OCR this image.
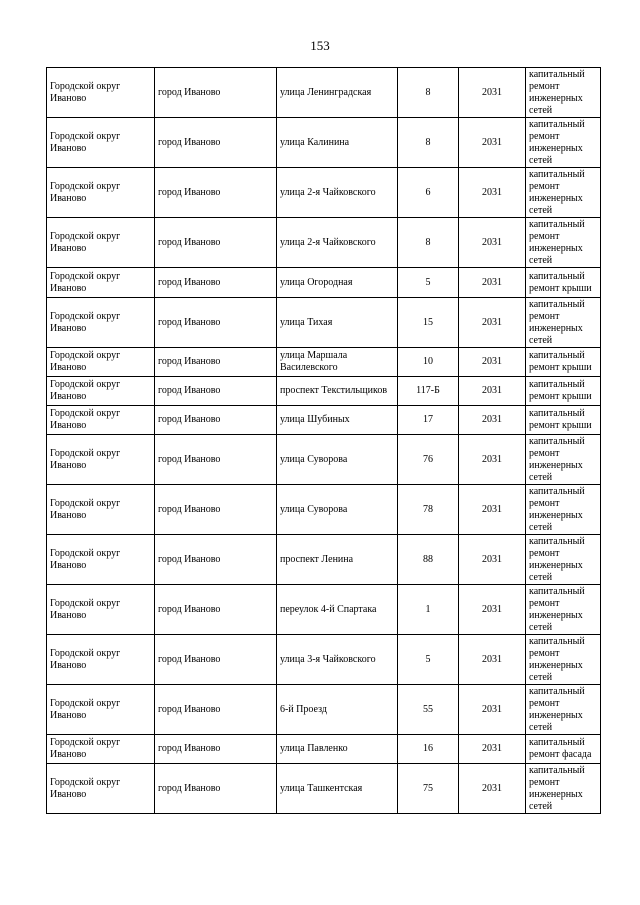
153
Городской округ Иваново	город Иваново	улица Ленинградская	8	2031	капитальный ремонт инженерных сетей
Городской округ Иваново	город Иваново	улица Калинина	8	2031	капитальный ремонт инженерных сетей
Городской округ Иваново	город Иваново	улица 2-я Чайковского	6	2031	капитальный ремонт инженерных сетей
Городской округ Иваново	город Иваново	улица 2-я Чайковского	8	2031	капитальный ремонт инженерных сетей
Городской округ Иваново	город Иваново	улица Огородная	5	2031	капитальный ремонт крыши
Городской округ Иваново	город Иваново	улица Тихая	15	2031	капитальный ремонт инженерных сетей
Городской округ Иваново	город Иваново	улица Маршала Василевского	10	2031	капитальный ремонт крыши
Городской округ Иваново	город Иваново	проспект Текстильщиков	117-Б	2031	капитальный ремонт крыши
Городской округ Иваново	город Иваново	улица Шубиных	17	2031	капитальный ремонт крыши
Городской округ Иваново	город Иваново	улица Суворова	76	2031	капитальный ремонт инженерных сетей
Городской округ Иваново	город Иваново	улица Суворова	78	2031	капитальный ремонт инженерных сетей
Городской округ Иваново	город Иваново	проспект Ленина	88	2031	капитальный ремонт инженерных сетей
Городской округ Иваново	город Иваново	переулок 4-й Спартака	1	2031	капитальный ремонт инженерных сетей
Городской округ Иваново	город Иваново	улица 3-я Чайковского	5	2031	капитальный ремонт инженерных сетей
Городской округ Иваново	город Иваново	6-й Проезд	55	2031	капитальный ремонт инженерных сетей
Городской округ Иваново	город Иваново	улица Павленко	16	2031	капитальный ремонт фасада
Городской округ Иваново	город Иваново	улица Ташкентская	75	2031	капитальный ремонт инженерных сетей
